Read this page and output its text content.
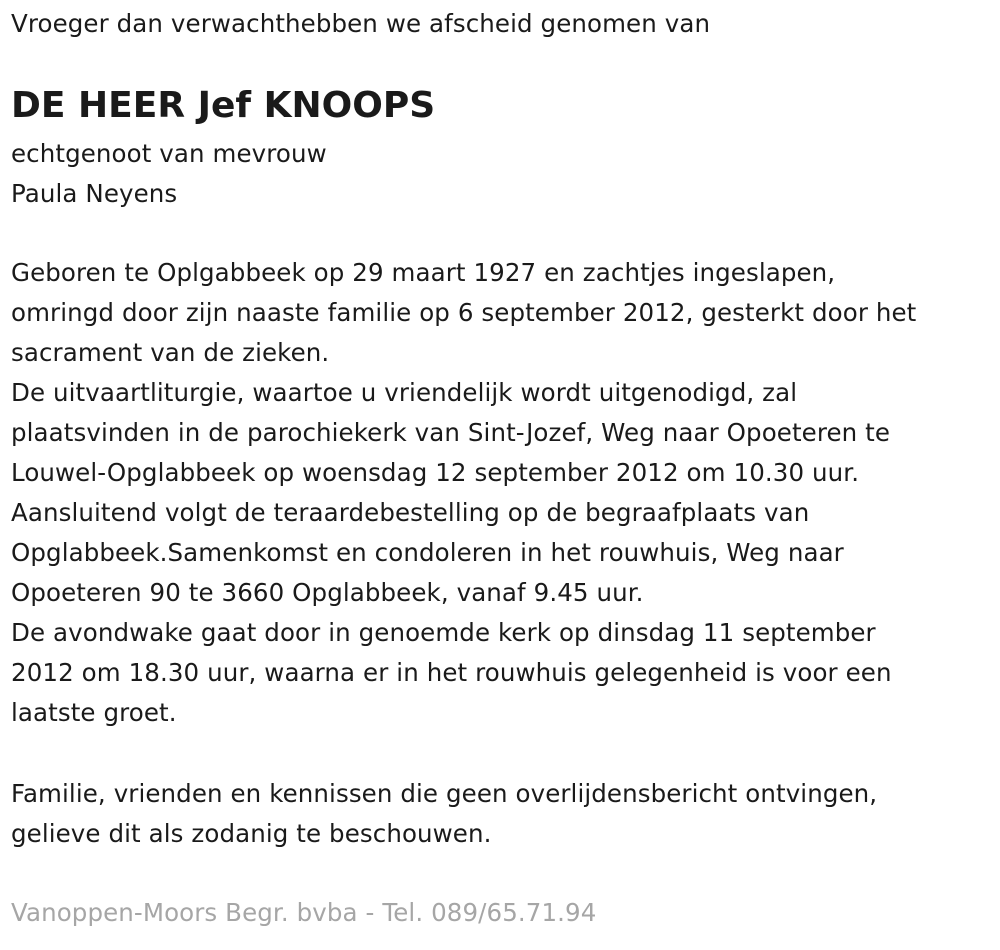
Vroeger dan verwachthebben we afscheid genomen van

DE HEER Jef KNOOPS

echtgenoot van mevrouw

Paula Neyens

Geboren te Oplgabbeek op 29 maart 1927 en zachtjes ingeslapen,

omringd door zijn naaste familie op 6 september 2012, gesterkt door het

sacrament van de zieken.

De uitvaartliturgie, waartoe u vriendelijk wordt uitgenodigd, zal

plaatsvinden in de parochiekerk van Sint-Jozef, Weg naar Opoeteren te

Louwel-Opglabbeek op woensdag 12 september 2012 om 10.30 uur.

Aansluitend volgt de teraardebestelling op de begraafplaats van

Opglabbeek.Samenkomst en condoleren in het rouwhuis, Weg naar

Opoeteren 90 te 3660 Opglabbeek, vanaf 9.45 uur.

De avondwake gaat door in genoemde kerk op dinsdag 11 september

2012 om 18.30 uur, waarna er in het rouwhuis gelegenheid is voor een

laatste groet.

Familie, vrienden en kennissen die geen overlijdensbericht ontvingen,

gelieve dit als zodanig te beschouwen.

Vanoppen-Moors Begr. bvba - Tel. 089/65.71.94
